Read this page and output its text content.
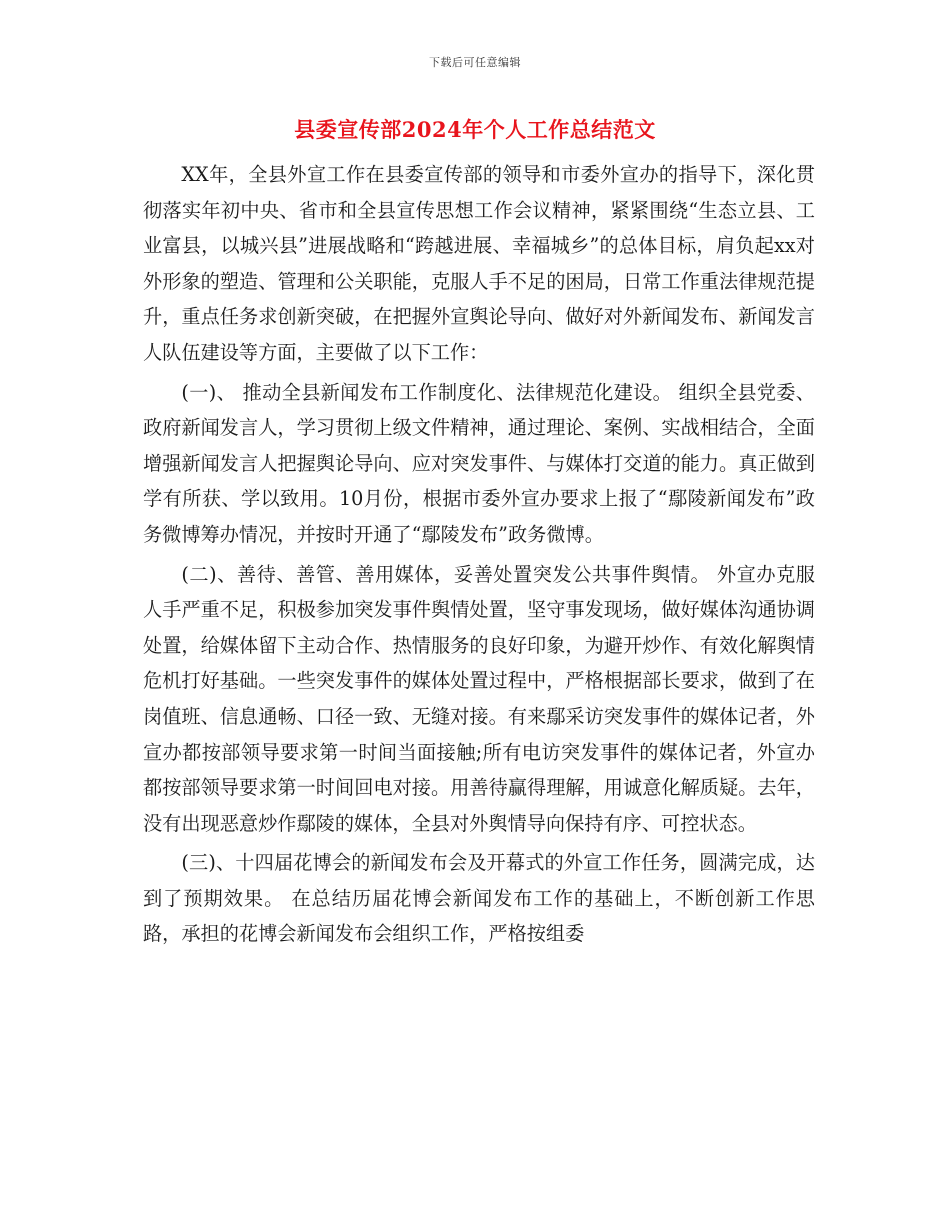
下载后可任意编辑
县委宣传部2024年个人工作总结范文

XX年，全县外宣工作在县委宣传部的领导和市委外宣办的指导下，深化贯彻落实年初中央、省市和全县宣传思想工作会议精神，紧紧围绕“生态立县、工业富县，以城兴县”进展战略和“跨越进展、幸福城乡”的总体目标，肩负起xx对外形象的塑造、管理和公关职能，克服人手不足的困局，日常工作重法律规范提升，重点任务求创新突破，在把握外宣舆论导向、做好对外新闻发布、新闻发言人队伍建设等方面，主要做了以下工作：

(一)、 推动全县新闻发布工作制度化、法律规范化建设。 组织全县党委、政府新闻发言人，学习贯彻上级文件精神，通过理论、案例、实战相结合，全面增强新闻发言人把握舆论导向、应对突发事件、与媒体打交道的能力。真正做到学有所获、学以致用。10月份，根据市委外宣办要求上报了“鄢陵新闻发布”政务微博筹办情况，并按时开通了“鄢陵发布”政务微博。

(二)、善待、善管、善用媒体，妥善处置突发公共事件舆情。 外宣办克服人手严重不足，积极参加突发事件舆情处置，坚守事发现场，做好媒体沟通协调处置，给媒体留下主动合作、热情服务的良好印象，为避开炒作、有效化解舆情危机打好基础。一些突发事件的媒体处置过程中，严格根据部长要求，做到了在岗值班、信息通畅、口径一致、无缝对接。有来鄢采访突发事件的媒体记者，外宣办都按部领导要求第一时间当面接触;所有电访突发事件的媒体记者，外宣办都按部领导要求第一时间回电对接。用善待赢得理解，用诚意化解质疑。去年，没有出现恶意炒作鄢陵的媒体，全县对外舆情导向保持有序、可控状态。

(三)、十四届花博会的新闻发布会及开幕式的外宣工作任务，圆满完成，达到了预期效果。 在总结历届花博会新闻发布工作的基础上，不断创新工作思路，承担的花博会新闻发布会组织工作，严格按组委
